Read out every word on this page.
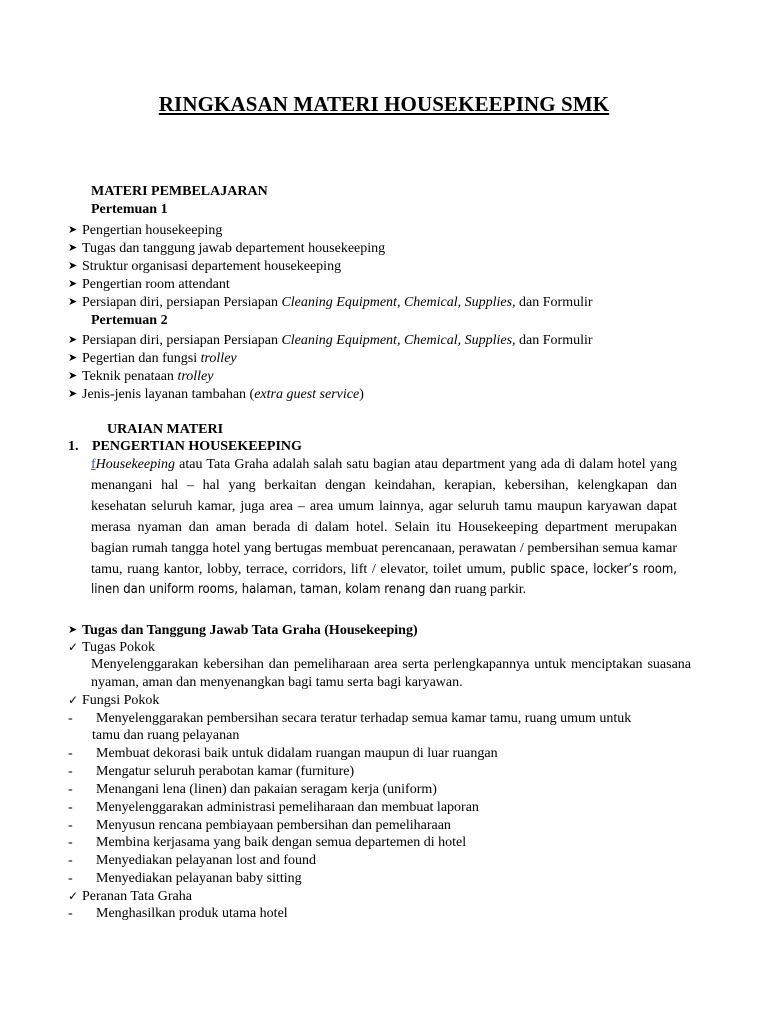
RINGKASAN MATERI HOUSEKEEPING SMK
MATERI PEMBELAJARAN
Pertemuan 1
➤ Pengertian housekeeping
➤ Tugas dan tanggung jawab departement housekeeping
➤ Struktur organisasi departement housekeeping
➤ Pengertian room attendant
➤ Persiapan diri, persiapan Persiapan Cleaning Equipment, Chemical, Supplies, dan Formulir
Pertemuan 2
➤ Persiapan diri, persiapan Persiapan Cleaning Equipment, Chemical, Supplies, dan Formulir
➤ Pegertian dan fungsi trolley
➤ Teknik penataan trolley
➤ Jenis-jenis layanan tambahan (extra guest service)
URAIAN MATERI
1. PENGERTIAN HOUSEKEEPING
fHousekeeping atau Tata Graha adalah salah satu bagian atau department yang ada di dalam hotel yang menangani hal – hal yang berkaitan dengan keindahan, kerapian, kebersihan, kelengkapan dan kesehatan seluruh kamar, juga area – area umum lainnya, agar seluruh tamu maupun karyawan dapat merasa nyaman dan aman berada di dalam hotel. Selain itu Housekeeping department merupakan bagian rumah tangga hotel yang bertugas membuat perencanaan, perawatan / pembersihan semua kamar tamu, ruang kantor, lobby, terrace, corridors, lift / elevator, toilet umum, public space, locker’s room, linen dan uniform rooms, halaman, taman, kolam renang dan ruang parkir.
➤ Tugas dan Tanggung Jawab Tata Graha (Housekeeping)
✓ Tugas Pokok
Menyelenggarakan kebersihan dan pemeliharaan area serta perlengkapannya untuk menciptakan suasana nyaman, aman dan menyenangkan bagi tamu serta bagi karyawan.
✓ Fungsi Pokok
- Menyelenggarakan pembersihan secara teratur terhadap semua kamar tamu, ruang umum untuk
tamu dan ruang pelayanan
- Membuat dekorasi baik untuk didalam ruangan maupun di luar ruangan
- Mengatur seluruh perabotan kamar (furniture)
- Menangani lena (linen) dan pakaian seragam kerja (uniform)
- Menyelenggarakan administrasi pemeliharaan dan membuat laporan
- Menyusun rencana pembiayaan pembersihan dan pemeliharaan
- Membina kerjasama yang baik dengan semua departemen di hotel
- Menyediakan pelayanan lost and found
- Menyediakan pelayanan baby sitting
✓ Peranan Tata Graha
- Menghasilkan produk utama hotel
